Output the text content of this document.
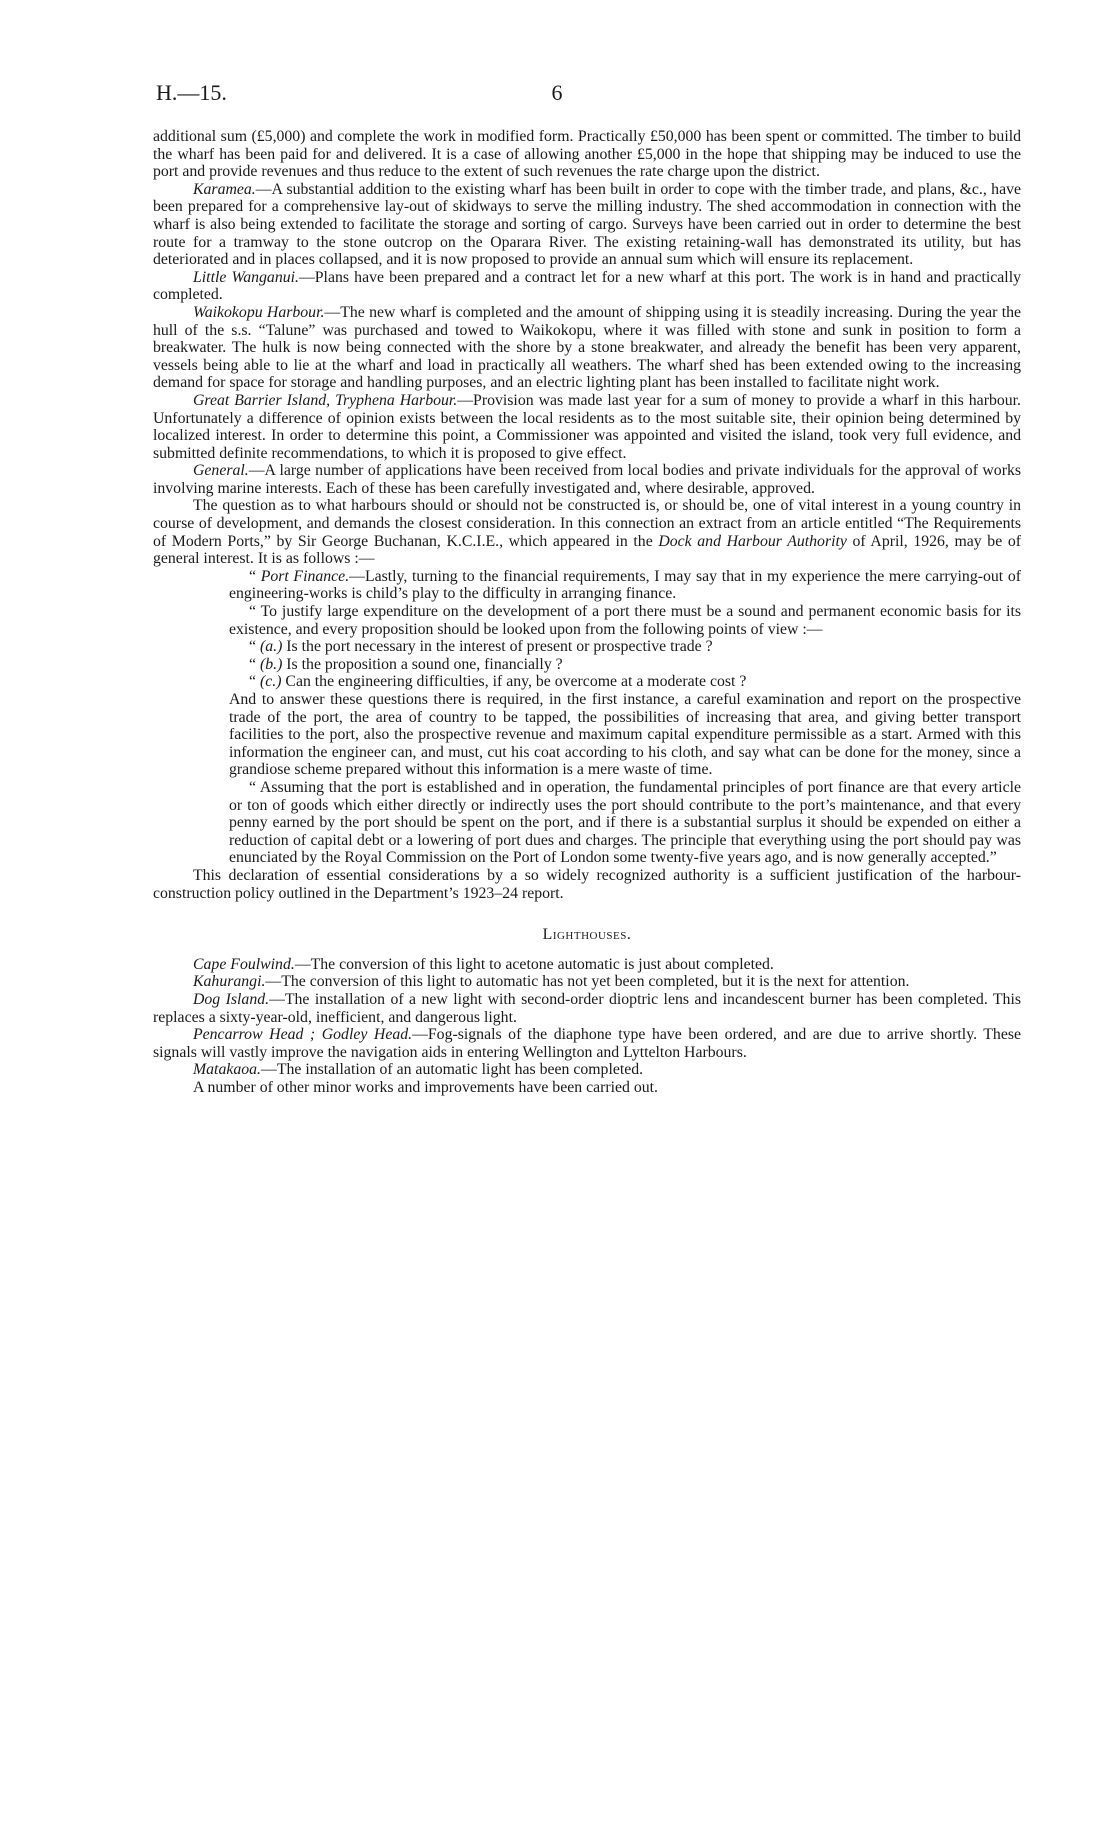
H.—15.	6

additional sum (£5,000) and complete the work in modified form. Practically £50,000 has been spent or committed. The timber to build the wharf has been paid for and delivered. It is a case of allowing another £5,000 in the hope that shipping may be induced to use the port and provide revenues and thus reduce to the extent of such revenues the rate charge upon the district.

Karamea.—A substantial addition to the existing wharf has been built in order to cope with the timber trade, and plans, &c., have been prepared for a comprehensive lay-out of skidways to serve the milling industry. The shed accommodation in connection with the wharf is also being extended to facilitate the storage and sorting of cargo. Surveys have been carried out in order to determine the best route for a tramway to the stone outcrop on the Oparara River. The existing retaining-wall has demonstrated its utility, but has deteriorated and in places collapsed, and it is now proposed to provide an annual sum which will ensure its replacement.

Little Wanganui.—Plans have been prepared and a contract let for a new wharf at this port. The work is in hand and practically completed.

Waikokopu Harbour.—The new wharf is completed and the amount of shipping using it is steadily increasing. During the year the hull of the s.s. “Talune” was purchased and towed to Waikokopu, where it was filled with stone and sunk in position to form a breakwater. The hulk is now being connected with the shore by a stone breakwater, and already the benefit has been very apparent, vessels being able to lie at the wharf and load in practically all weathers. The wharf shed has been extended owing to the increasing demand for space for storage and handling purposes, and an electric lighting plant has been installed to facilitate night work.

Great Barrier Island, Tryphena Harbour.—Provision was made last year for a sum of money to provide a wharf in this harbour. Unfortunately a difference of opinion exists between the local residents as to the most suitable site, their opinion being determined by localized interest. In order to determine this point, a Commissioner was appointed and visited the island, took very full evidence, and submitted definite recommendations, to which it is proposed to give effect.

General.—A large number of applications have been received from local bodies and private individuals for the approval of works involving marine interests. Each of these has been carefully investigated and, where desirable, approved.

The question as to what harbours should or should not be constructed is, or should be, one of vital interest in a young country in course of development, and demands the closest consideration. In this connection an extract from an article entitled “The Requirements of Modern Ports,” by Sir George Buchanan, K.C.I.E., which appeared in the Dock and Harbour Authority of April, 1926, may be of general interest. It is as follows :—

“ Port Finance.—Lastly, turning to the financial requirements, I may say that in my experience the mere carrying-out of engineering-works is child’s play to the difficulty in arranging finance.

“ To justify large expenditure on the development of a port there must be a sound and permanent economic basis for its existence, and every proposition should be looked upon from the following points of view :—

“ (a.) Is the port necessary in the interest of present or prospective trade ?

“ (b.) Is the proposition a sound one, financially ?

“ (c.) Can the engineering difficulties, if any, be overcome at a moderate cost ?

And to answer these questions there is required, in the first instance, a careful examination and report on the prospective trade of the port, the area of country to be tapped, the possibilities of increasing that area, and giving better transport facilities to the port, also the prospective revenue and maximum capital expenditure permissible as a start. Armed with this information the engineer can, and must, cut his coat according to his cloth, and say what can be done for the money, since a grandiose scheme prepared without this information is a mere waste of time.

“ Assuming that the port is established and in operation, the fundamental principles of port finance are that every article or ton of goods which either directly or indirectly uses the port should contribute to the port’s maintenance, and that every penny earned by the port should be spent on the port, and if there is a substantial surplus it should be expended on either a reduction of capital debt or a lowering of port dues and charges. The principle that everything using the port should pay was enunciated by the Royal Commission on the Port of London some twenty-five years ago, and is now generally accepted.”

This declaration of essential considerations by a so widely recognized authority is a sufficient justification of the harbour-construction policy outlined in the Department’s 1923–24 report.

Lighthouses.

Cape Foulwind.—The conversion of this light to acetone automatic is just about completed.

Kahurangi.—The conversion of this light to automatic has not yet been completed, but it is the next for attention.

Dog Island.—The installation of a new light with second-order dioptric lens and incandescent burner has been completed. This replaces a sixty-year-old, inefficient, and dangerous light.

Pencarrow Head ; Godley Head.—Fog-signals of the diaphone type have been ordered, and are due to arrive shortly. These signals will vastly improve the navigation aids in entering Wellington and Lyttelton Harbours.

Matakaoa.—The installation of an automatic light has been completed.

A number of other minor works and improvements have been carried out.
